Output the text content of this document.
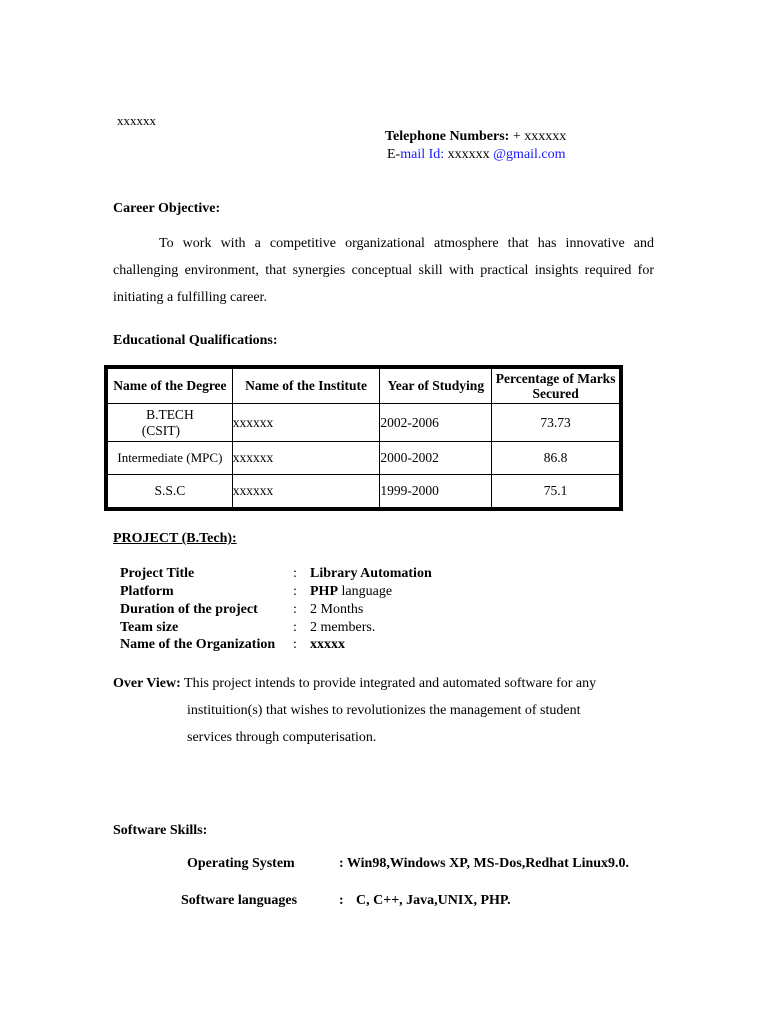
xxxxxx
Telephone Numbers: + xxxxxx
E-mail Id: xxxxxx @gmail.com
Career Objective:

To work with a competitive organizational atmosphere that has innovative and challenging environment, that synergies conceptual skill with practical insights required for initiating a fulfilling career.

Educational Qualifications:
Name of the Degree	Name of the Institute	Year of Studying	Percentage of Marks
Secured
B.TECH
(CSIT)	xxxxxx	2002-2006	73.73
Intermediate (MPC)	xxxxxx	2000-2002	86.8
S.S.C	xxxxxx	1999-2000	75.1
PROJECT (B.Tech):
Project Title	: Library Automation
Platform	: PHP language
Duration of the project	: 2 Months
Team size	: 2 members.
Name of the Organization : xxxxx
Over View: This project intends to provide integrated and automated software for any
instituition(s) that wishes to revolutionizes the management of student
services through computerisation.
Software Skills:
Operating System	: Win98,Windows XP, MS-Dos,Redhat Linux9.0.
Software languages	: C, C++, Java,UNIX, PHP.
